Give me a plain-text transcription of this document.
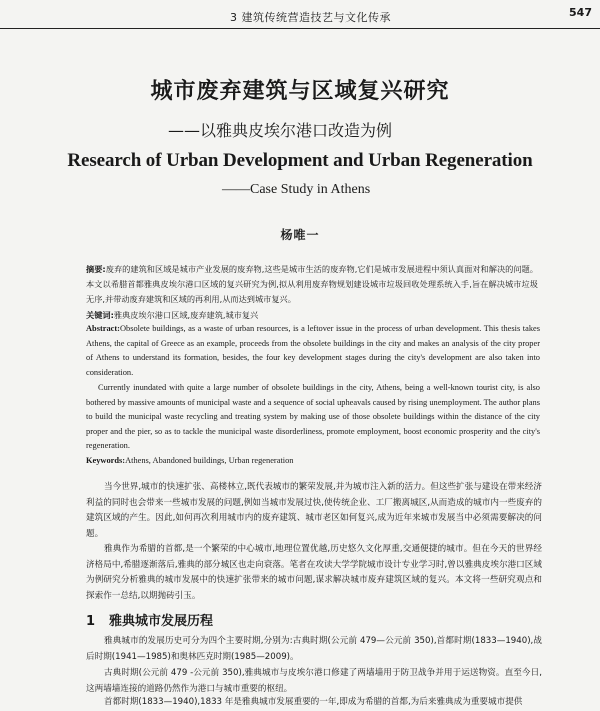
3 建筑传统营造技艺与文化传承	547
城市废弃建筑与区域复兴研究
——以雅典皮埃尔港口改造为例
Research of Urban Development and Urban Regeneration
——Case Study in Athens
杨唯一
摘要:废弃的建筑和区域是城市产业发展的废弃物,这些是城市生活的废弃物,它们是城市发展进程中须认真面对和解决的问题。本文以希腊首都雅典皮埃尔港口区域的复兴研究为例,拟从利用废弃物规划建设城市垃圾回收处理系统入手,旨在解决城市垃圾无序,并带动废弃建筑和区域的再利用,从而达到城市复兴。
关键词:雅典皮埃尔港口区域,废弃建筑,城市复兴
Abstract:Obsolete buildings, as a waste of urban resources, is a leftover issue in the process of urban development. This thesis takes Athens, the capital of Greece as an example, proceeds from the obsolete buildings in the city and makes an analysis of the city proper of Athens to understand its formation, besides, the four key development stages during the city's development are also taken into consideration.
Currently inundated with quite a large number of obsolete buildings in the city, Athens, being a well-known tourist city, is also bothered by massive amounts of municipal waste and a sequence of social upheavals caused by rising unemployment. The author plans to build the municipal waste recycling and treating system by making use of those obsolete buildings within the distance of the city proper and the pier, so as to tackle the municipal waste disorderliness, promote employment, boost economic prosperity and the city's regeneration.
Keywords:Athens, Abandoned buildings, Urban regeneration
当今世界,城市的快速扩张、高楼林立,既代表城市的繁荣发展,并为城市注入新的活力。但这些扩张与建设在带来经济利益的同时也会带来一些城市发展的问题,例如当城市发展过快,使传统企业、工厂搬离城区,从而造成的城市内一些废弃的建筑区域的产生。因此,如何再次利用城市内的废弃建筑、城市老区如何复兴,成为近年来城市发展当中必须需要解决的问题。
雅典作为希腊的首都,是一个繁荣的中心城市,地理位置优越,历史悠久文化厚重,交通便捷的城市。但在今天的世界经济格局中,希腊逐渐落后,雅典的部分城区也走向衰落。笔者在攻读大学学院城市设计专业学习时,曾以雅典皮埃尔港口区域为例研究分析雅典的城市发展中的快速扩张带来的城市问题,谋求解决城市废弃建筑区域的复兴。本文将一些研究观点和探索作一总结,以期抛砖引玉。
1 雅典城市发展历程
雅典城市的发展历史可分为四个主要时期,分别为:古典时期(公元前 479—公元前 350),首都时期(1833—1940),战后时期(1941—1985)和奥林匹克时期(1985—2009)。
古典时期(公元前 479 -公元前 350),雅典城市与皮埃尔港口修建了两墙墙用于防卫战争并用于运送物资。直至今日,这两墙墙连接的道路仍然作为港口与城市重要的枢纽。
首都时期(1833—1940),1833 年是雅典城市发展重要的一年,即成为希腊的首都,为后来雅典成为重要城市提供
